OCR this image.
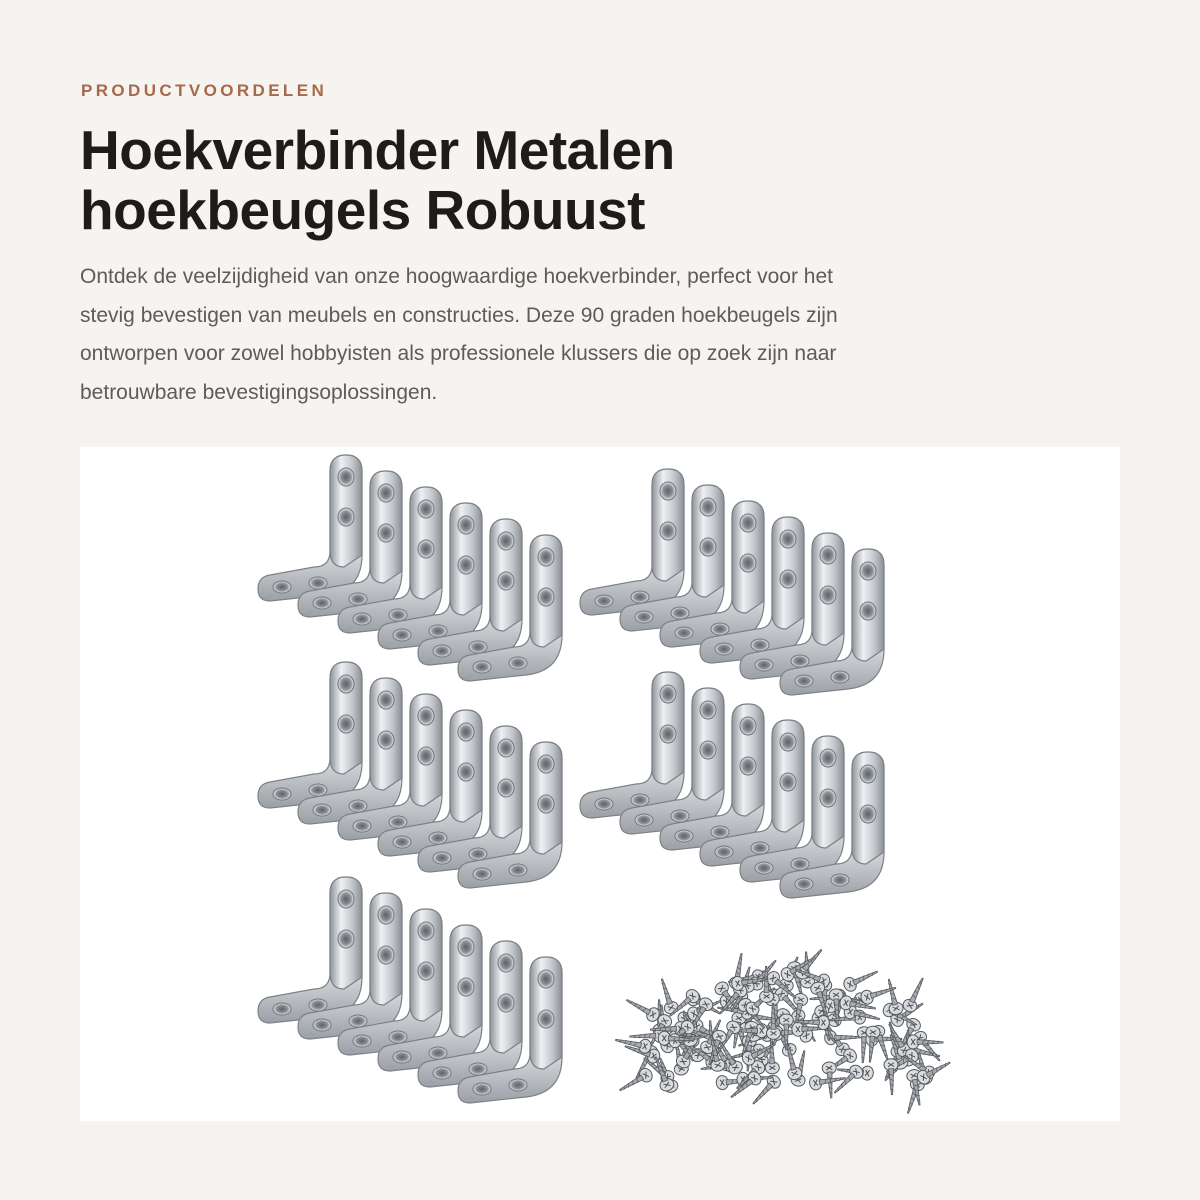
PRODUCTVOORDELEN

Hoekverbinder Metalen
hoekbeugels Robuust

Ontdek de veelzijdigheid van onze hoogwaardige hoekverbinder, perfect voor het
stevig bevestigen van meubels en constructies. Deze 90 graden hoekbeugels zijn
ontworpen voor zowel hobbyisten als professionele klussers die op zoek zijn naar
betrouwbare bevestigingsoplossingen.
